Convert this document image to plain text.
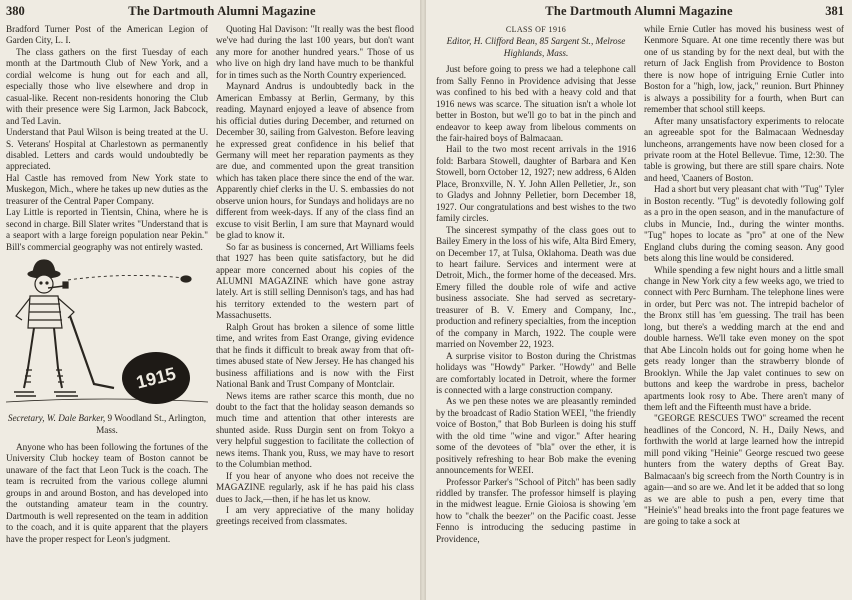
380	The Dartmouth Alumni Magazine

Bradford Turner Post of the American Legion of Garden City, L. I.

The class gathers on the first Tuesday of each month at the Dartmouth Club of New York, and a cordial welcome is hung out for each and all, especially those who live elsewhere and drop in casual-like. Recent non-residents honoring the Club with their presence were Sig Larmon, Jack Babcock, and Ted Lavin.

Understand that Paul Wilson is being treated at the U. S. Veterans' Hospital at Charlestown as permanently disabled. Letters and cards would undoubtedly be appreciated.

Hal Castle has removed from New York state to Muskegon, Mich., where he takes up new duties as the treasurer of the Central Paper Company.

Lay Little is reported in Tientsin, China, where he is second in charge. Bill Slater writes "Understand that is a seaport with a large foreign population near Pekin." Bill's commercial geography was not entirely wasted.

1915
Secretary, W. Dale Barker, 9 Woodland St., Arlington, Mass.

Anyone who has been following the fortunes of the University Club hockey team of Boston cannot be unaware of the fact that Leon Tuck is the coach. The team is recruited from the various college alumni groups in and around Boston, and has developed into the outstanding amateur team in the country. Dartmouth is well represented on the team in addition to the coach, and it is quite apparent that the players have the proper respect for Leon's judgment.

Quoting Hal Davison: "It really was the best flood we've had during the last 100 years, but don't want any more for another hundred years." Those of us who live on high dry land have much to be thankful for in times such as the North Country experienced.

Maynard Andrus is undoubtedly back in the American Embassy at Berlin, Germany, by this reading. Maynard enjoyed a leave of absence from his official duties during December, and returned on December 30, sailing from Galveston. Before leaving he expressed great confidence in his belief that Germany will meet her reparation payments as they are due, and commented upon the great transition which has taken place there since the end of the war. Apparently chief clerks in the U. S. embassies do not observe union hours, for Sundays and holidays are no different from week-days. If any of the class find an excuse to visit Berlin, I am sure that Maynard would be glad to know it.

So far as business is concerned, Art Williams feels that 1927 has been quite satisfactory, but he did appear more concerned about his copies of the ALUMNI MAGAZINE which have gone astray lately. Art is still selling Dennison's tags, and has had his territory extended to the western part of Massachusetts.

Ralph Grout has broken a silence of some little time, and writes from East Orange, giving evidence that he finds it difficult to break away from that oft-times abused state of New Jersey. He has changed his business affiliations and is now with the First National Bank and Trust Company of Montclair.

News items are rather scarce this month, due no doubt to the fact that the holiday season demands so much time and attention that other interests are shunted aside. Russ Durgin sent on from Tokyo a very helpful suggestion to facilitate the collection of news items. Thank you, Russ, we may have to resort to the Columbian method.

If you hear of anyone who does not receive the MAGAZINE regularly, ask if he has paid his class dues to Jack,—then, if he has let us know.

I am very appreciative of the many holiday greetings received from classmates.

The Dartmouth Alumni Magazine	381
CLASS OF 1916
Editor, H. Clifford Bean, 85 Sargent St., Melrose Highlands, Mass.

Just before going to press we had a telephone call from Sally Fenno in Providence advising that Jesse was confined to his bed with a heavy cold and that 1916 news was scarce. The situation isn't a whole lot better in Boston, but we'll go to bat in the pinch and endeavor to keep away from libelous comments on the fair-haired boys of Balmacaan.

Hail to the two most recent arrivals in the 1916 fold: Barbara Stowell, daughter of Barbara and Ken Stowell, born October 12, 1927; new address, 6 Alden Place, Bronxville, N. Y. John Allen Pelletier, Jr., son to Gladys and Johnny Pelletier, born December 18, 1927. Our congratulations and best wishes to the two family circles.

The sincerest sympathy of the class goes out to Bailey Emery in the loss of his wife, Alta Bird Emery, on December 17, at Tulsa, Oklahoma. Death was due to heart failure. Services and interment were at Detroit, Mich., the former home of the deceased. Mrs. Emery filled the double role of wife and active business associate. She had served as secretary-treasurer of B. V. Emery and Company, Inc., production and refinery specialties, from the inception of the company in March, 1922. The couple were married on November 22, 1923.

A surprise visitor to Boston during the Christmas holidays was "Howdy" Parker. "Howdy" and Belle are comfortably located in Detroit, where the former is connected with a large construction company.

As we pen these notes we are pleasantly reminded by the broadcast of Radio Station WEEI, "the friendly voice of Boston," that Bob Burleen is doing his stuff with the old time "wine and vigor." After hearing some of the devotees of "bla" over the ether, it is positively refreshing to hear Bob make the evening announcements for WEEI.

Professor Parker's "School of Pitch" has been sadly riddled by transfer. The professor himself is playing in the midwest league. Ernie Gioiosa is showing 'em how to "chalk the beezer" on the Pacific coast. Jesse Fenno is introducing the seducing pastime in Providence,

while Ernie Cutler has moved his business west of Kenmore Square. At one time recently there was but one of us standing by for the next deal, but with the return of Jack English from Providence to Boston there is now hope of intriguing Ernie Cutler into Boston for a "high, low, jack," reunion. Burt Phinney is always a possibility for a fourth, when Burt can remember that school still keeps.

After many unsatisfactory experiments to relocate an agreeable spot for the Balmacaan Wednesday luncheons, arrangements have now been closed for a private room at the Hotel Bellevue. Time, 12:30. The table is growing, but there are still spare chairs. Note and heed, 'Caaners of Boston.

Had a short but very pleasant chat with "Tug" Tyler in Boston recently. "Tug" is devotedly following golf as a pro in the open season, and in the manufacture of clubs in Muncie, Ind., during the winter months. "Tug" hopes to locate as "pro" at one of the New England clubs during the coming season. Any good bets along this line would be considered.

While spending a few night hours and a little small change in New York city a few weeks ago, we tried to connect with Perc Burnham. The telephone lines were in order, but Perc was not. The intrepid bachelor of the Bronx still has 'em guessing. The trail has been long, but there's a wedding march at the end and double harness. We'll take even money on the spot that Abe Lincoln holds out for going home when he gets ready longer than the strawberry blonde of Brooklyn. While the Jap valet continues to sew on buttons and keep the wardrobe in press, bachelor apartments look rosy to Abe. There aren't many of them left and the Fifteenth must have a bride.

"GEORGE RESCUES TWO" screamed the recent headlines of the Concord, N. H., Daily News, and forthwith the world at large learned how the intrepid mill pond viking "Heinie" George rescued two geese hunters from the watery depths of Great Bay. Balmacaan's big screech from the North Country is in again—and so are we. And let it be added that so long as we are able to push a pen, every time that "Heinie's" head breaks into the front page features we are going to take a sock at
